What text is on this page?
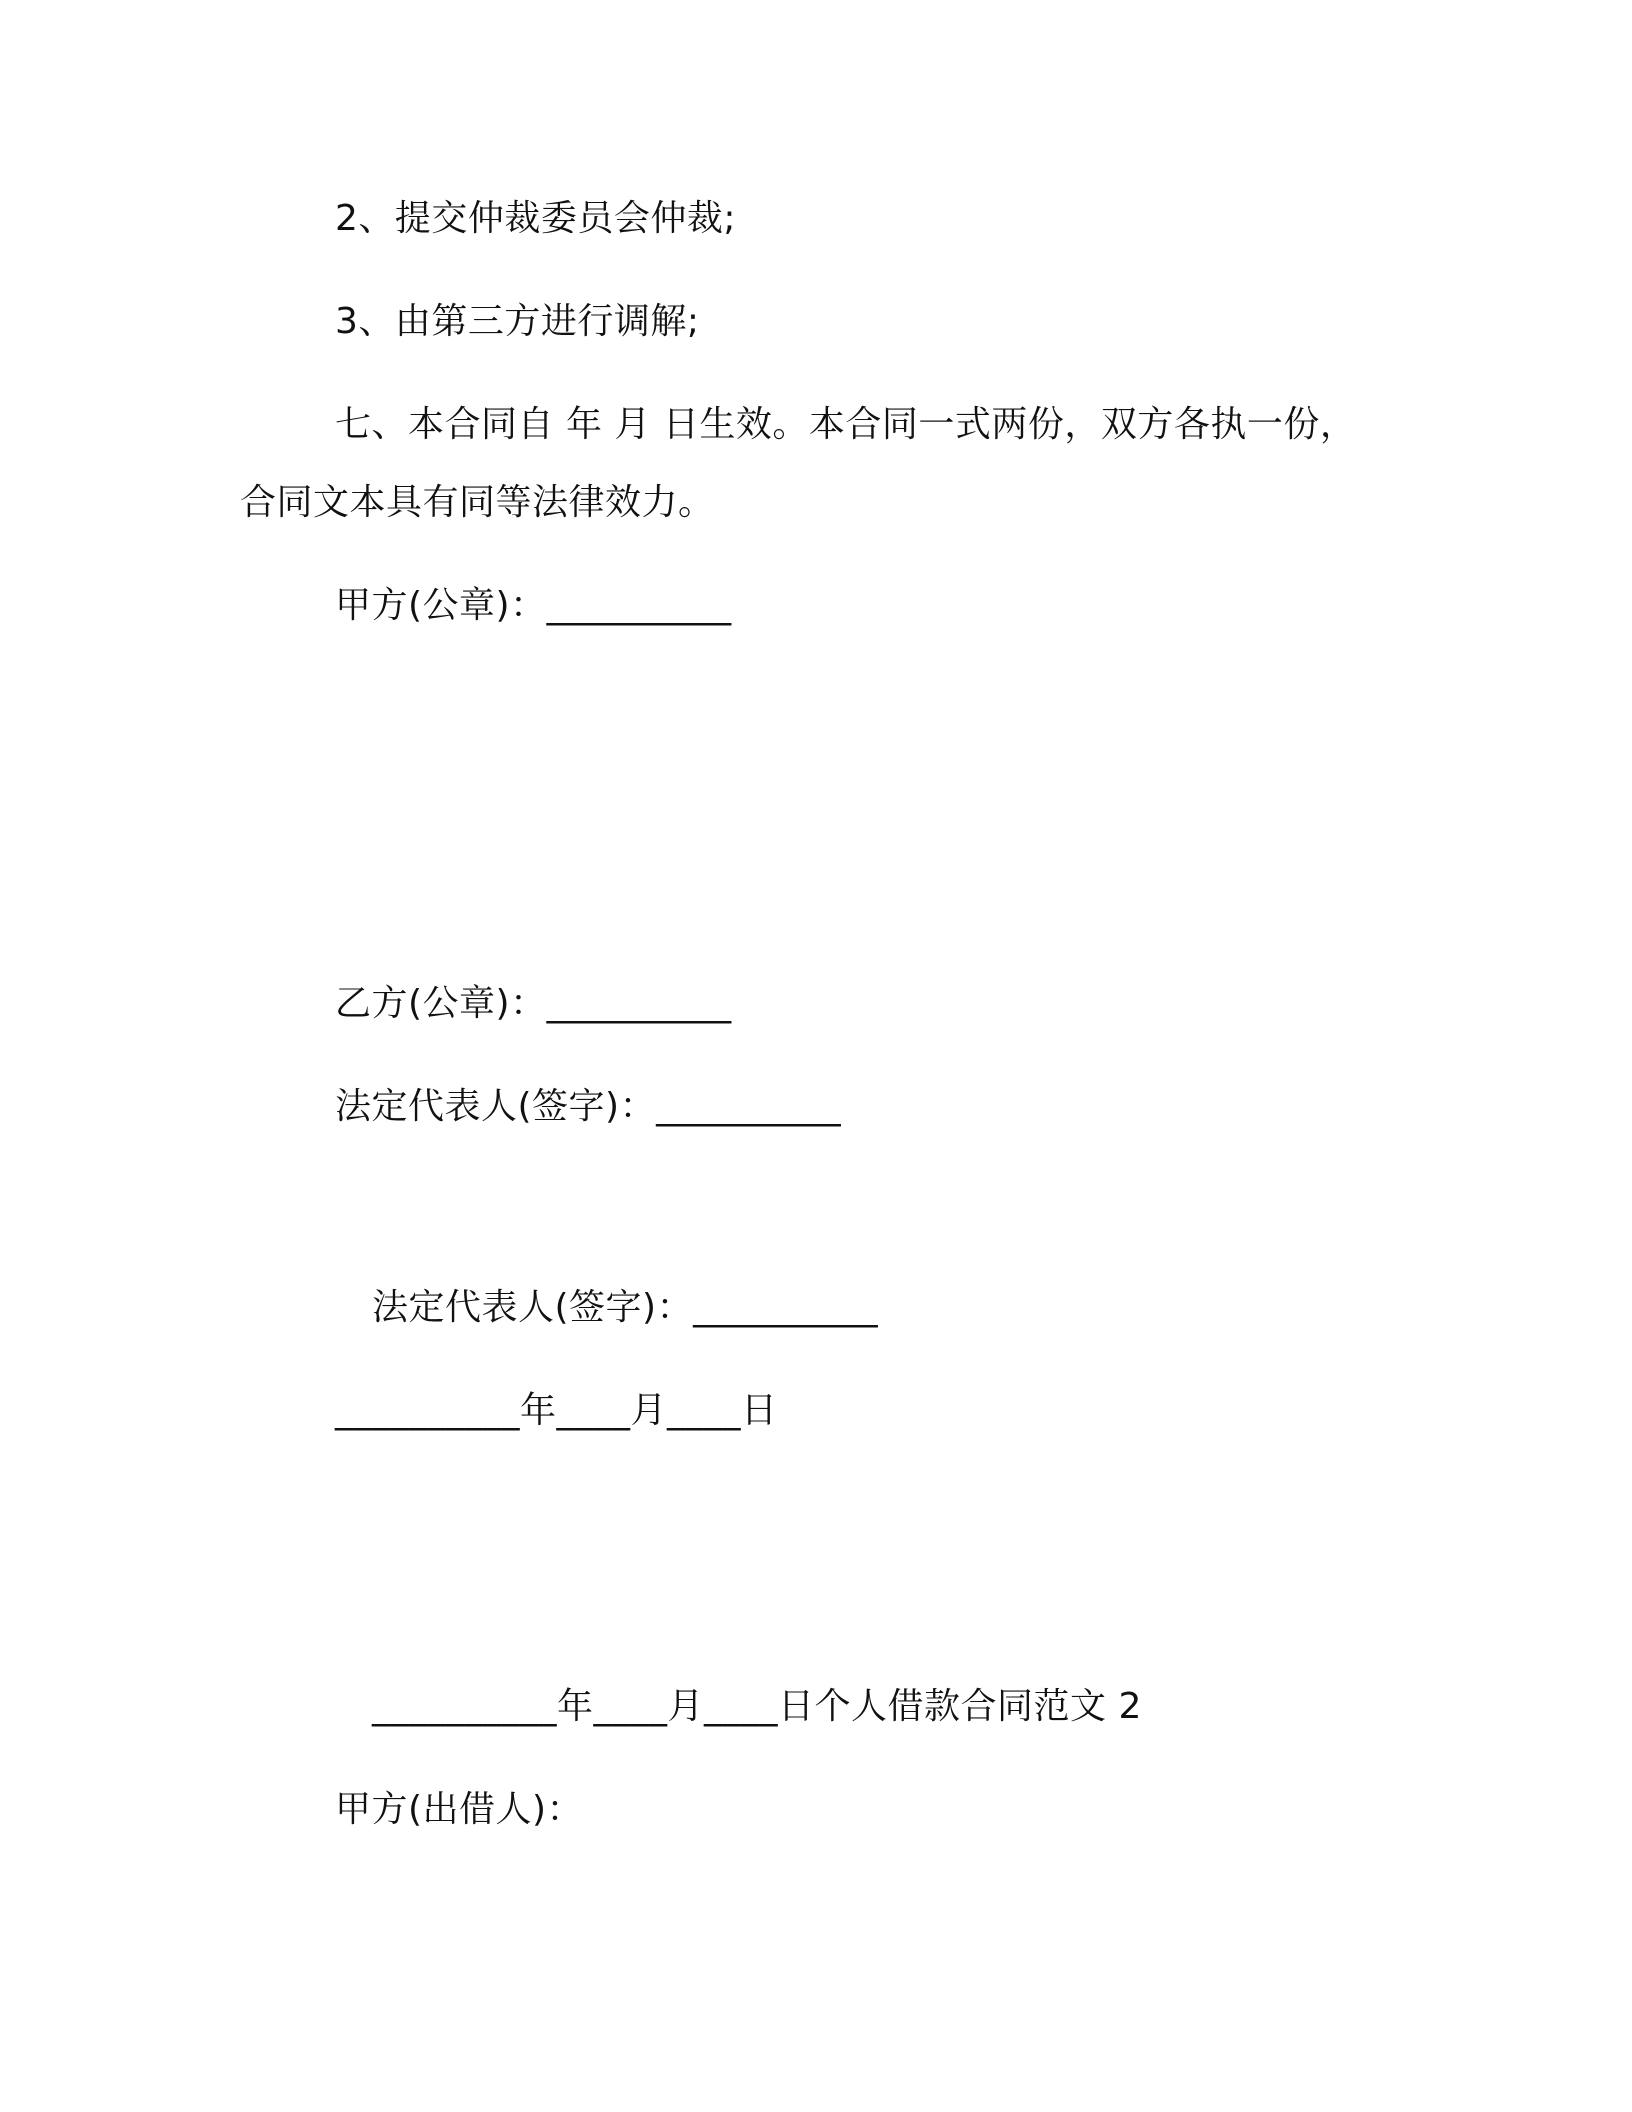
2、提交仲裁委员会仲裁;
3、由第三方进行调解;
七、本合同自 年 月 日生效。本合同一式两份，双方各执一份，
合同文本具有同等法律效力。
甲方(公章)：__________
乙方(公章)：__________
法定代表人(签字)：__________
法定代表人(签字)：__________
__________年____月____日
__________年____月____日个人借款合同范文 2
甲方(出借人)：
